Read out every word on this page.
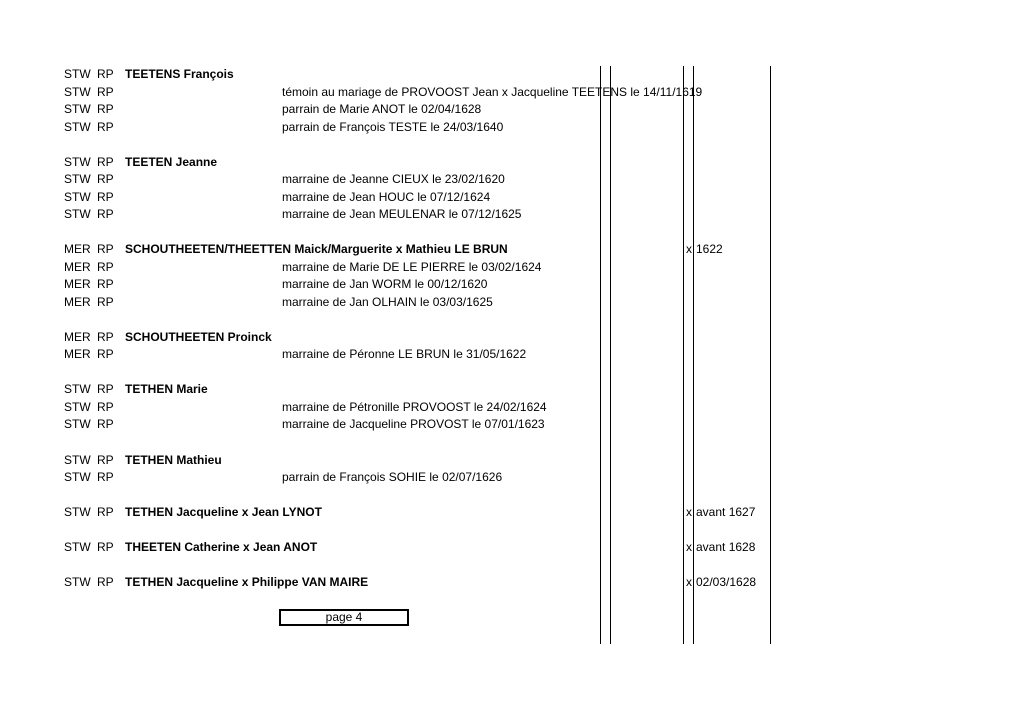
STW RP TEETENS François
STW RP	témoin au mariage de PROVOOST Jean x Jacqueline TEETENS le 14/11/1619
STW RP	parrain de Marie ANOT le 02/04/1628
STW RP	parrain de François TESTE le 24/03/1640
STW RP TEETEN Jeanne
STW RP	marraine de Jeanne CIEUX le 23/02/1620
STW RP	marraine de Jean HOUC le 07/12/1624
STW RP	marraine de Jean MEULENAR le 07/12/1625
MER RP SCHOUTHEETEN/THEETTEN Maick/Marguerite x Mathieu LE BRUN	x 1622
MER RP	marraine de Marie DE LE PIERRE le 03/02/1624
MER RP	marraine de Jan WORM le 00/12/1620
MER RP	marraine de Jan OLHAIN le 03/03/1625
MER RP SCHOUTHEETEN Proinck
MER RP	marraine de Péronne LE BRUN le 31/05/1622
STW RP TETHEN Marie
STW RP	marraine de Pétronille PROVOOST le 24/02/1624
STW RP	marraine de Jacqueline PROVOST le 07/01/1623
STW RP TETHEN Mathieu
STW RP	parrain de François SOHIE le 02/07/1626
STW RP TETHEN Jacqueline x Jean LYNOT	x avant 1627
STW RP THEETEN Catherine x Jean ANOT	x avant 1628
STW RP TETHEN Jacqueline x Philippe VAN MAIRE	x 02/03/1628
page 4
